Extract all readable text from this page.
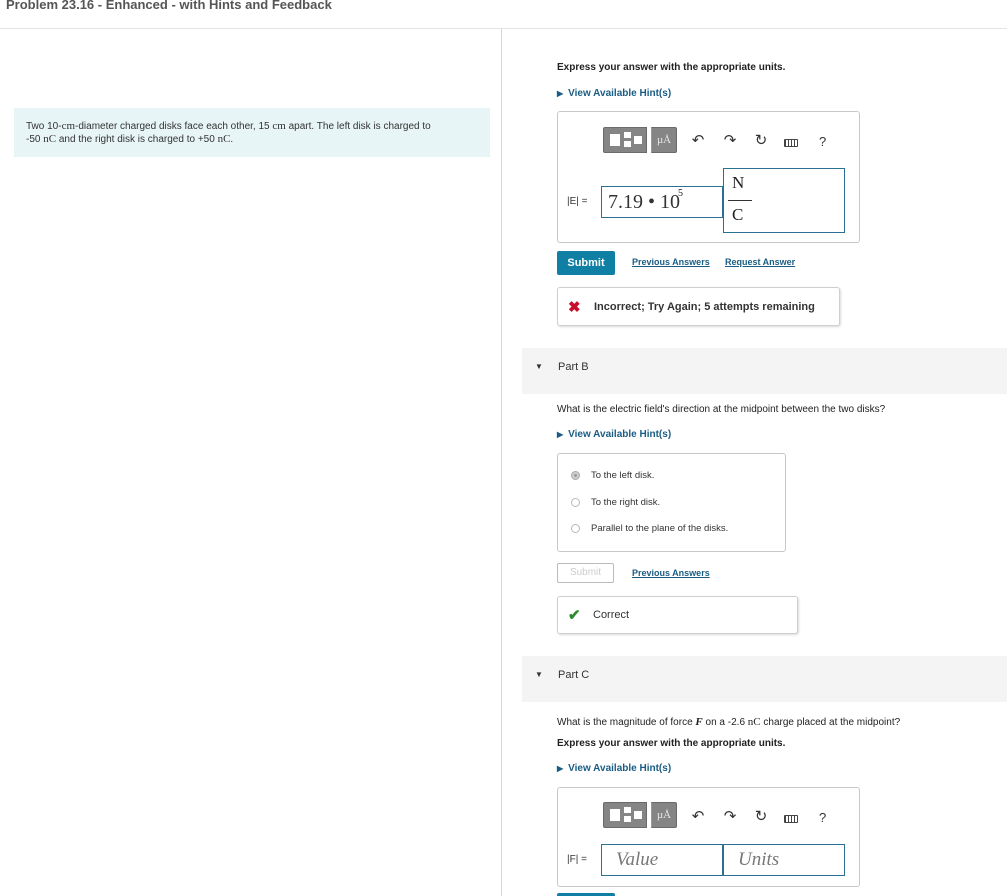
Problem 23.16 - Enhanced - with Hints and Feedback
Two 10-cm-diameter charged disks face each other, 15 cm apart. The left disk is charged to
-50 nC and the right disk is charged to +50 nC.
Express your answer with the appropriate units.
▶ View Available Hint(s)
µÅ	↶ ↷ ↻	?
|E| = 7.19 • 10
5
N
C
Submit	Previous Answers Request Answer
✖ Incorrect; Try Again; 5 attempts remaining
▼ Part B
What is the electric field's direction at the midpoint between the two disks?
▶ View Available Hint(s)
To the left disk.
To the right disk.
Parallel to the plane of the disks.
Submit	Previous Answers
✔ Correct
▼ Part C
What is the magnitude of force F on a -2.6 nC charge placed at the midpoint?
Express your answer with the appropriate units.
▶ View Available Hint(s)
µÅ	↶ ↷ ↻	?
|F| = Value	Units
